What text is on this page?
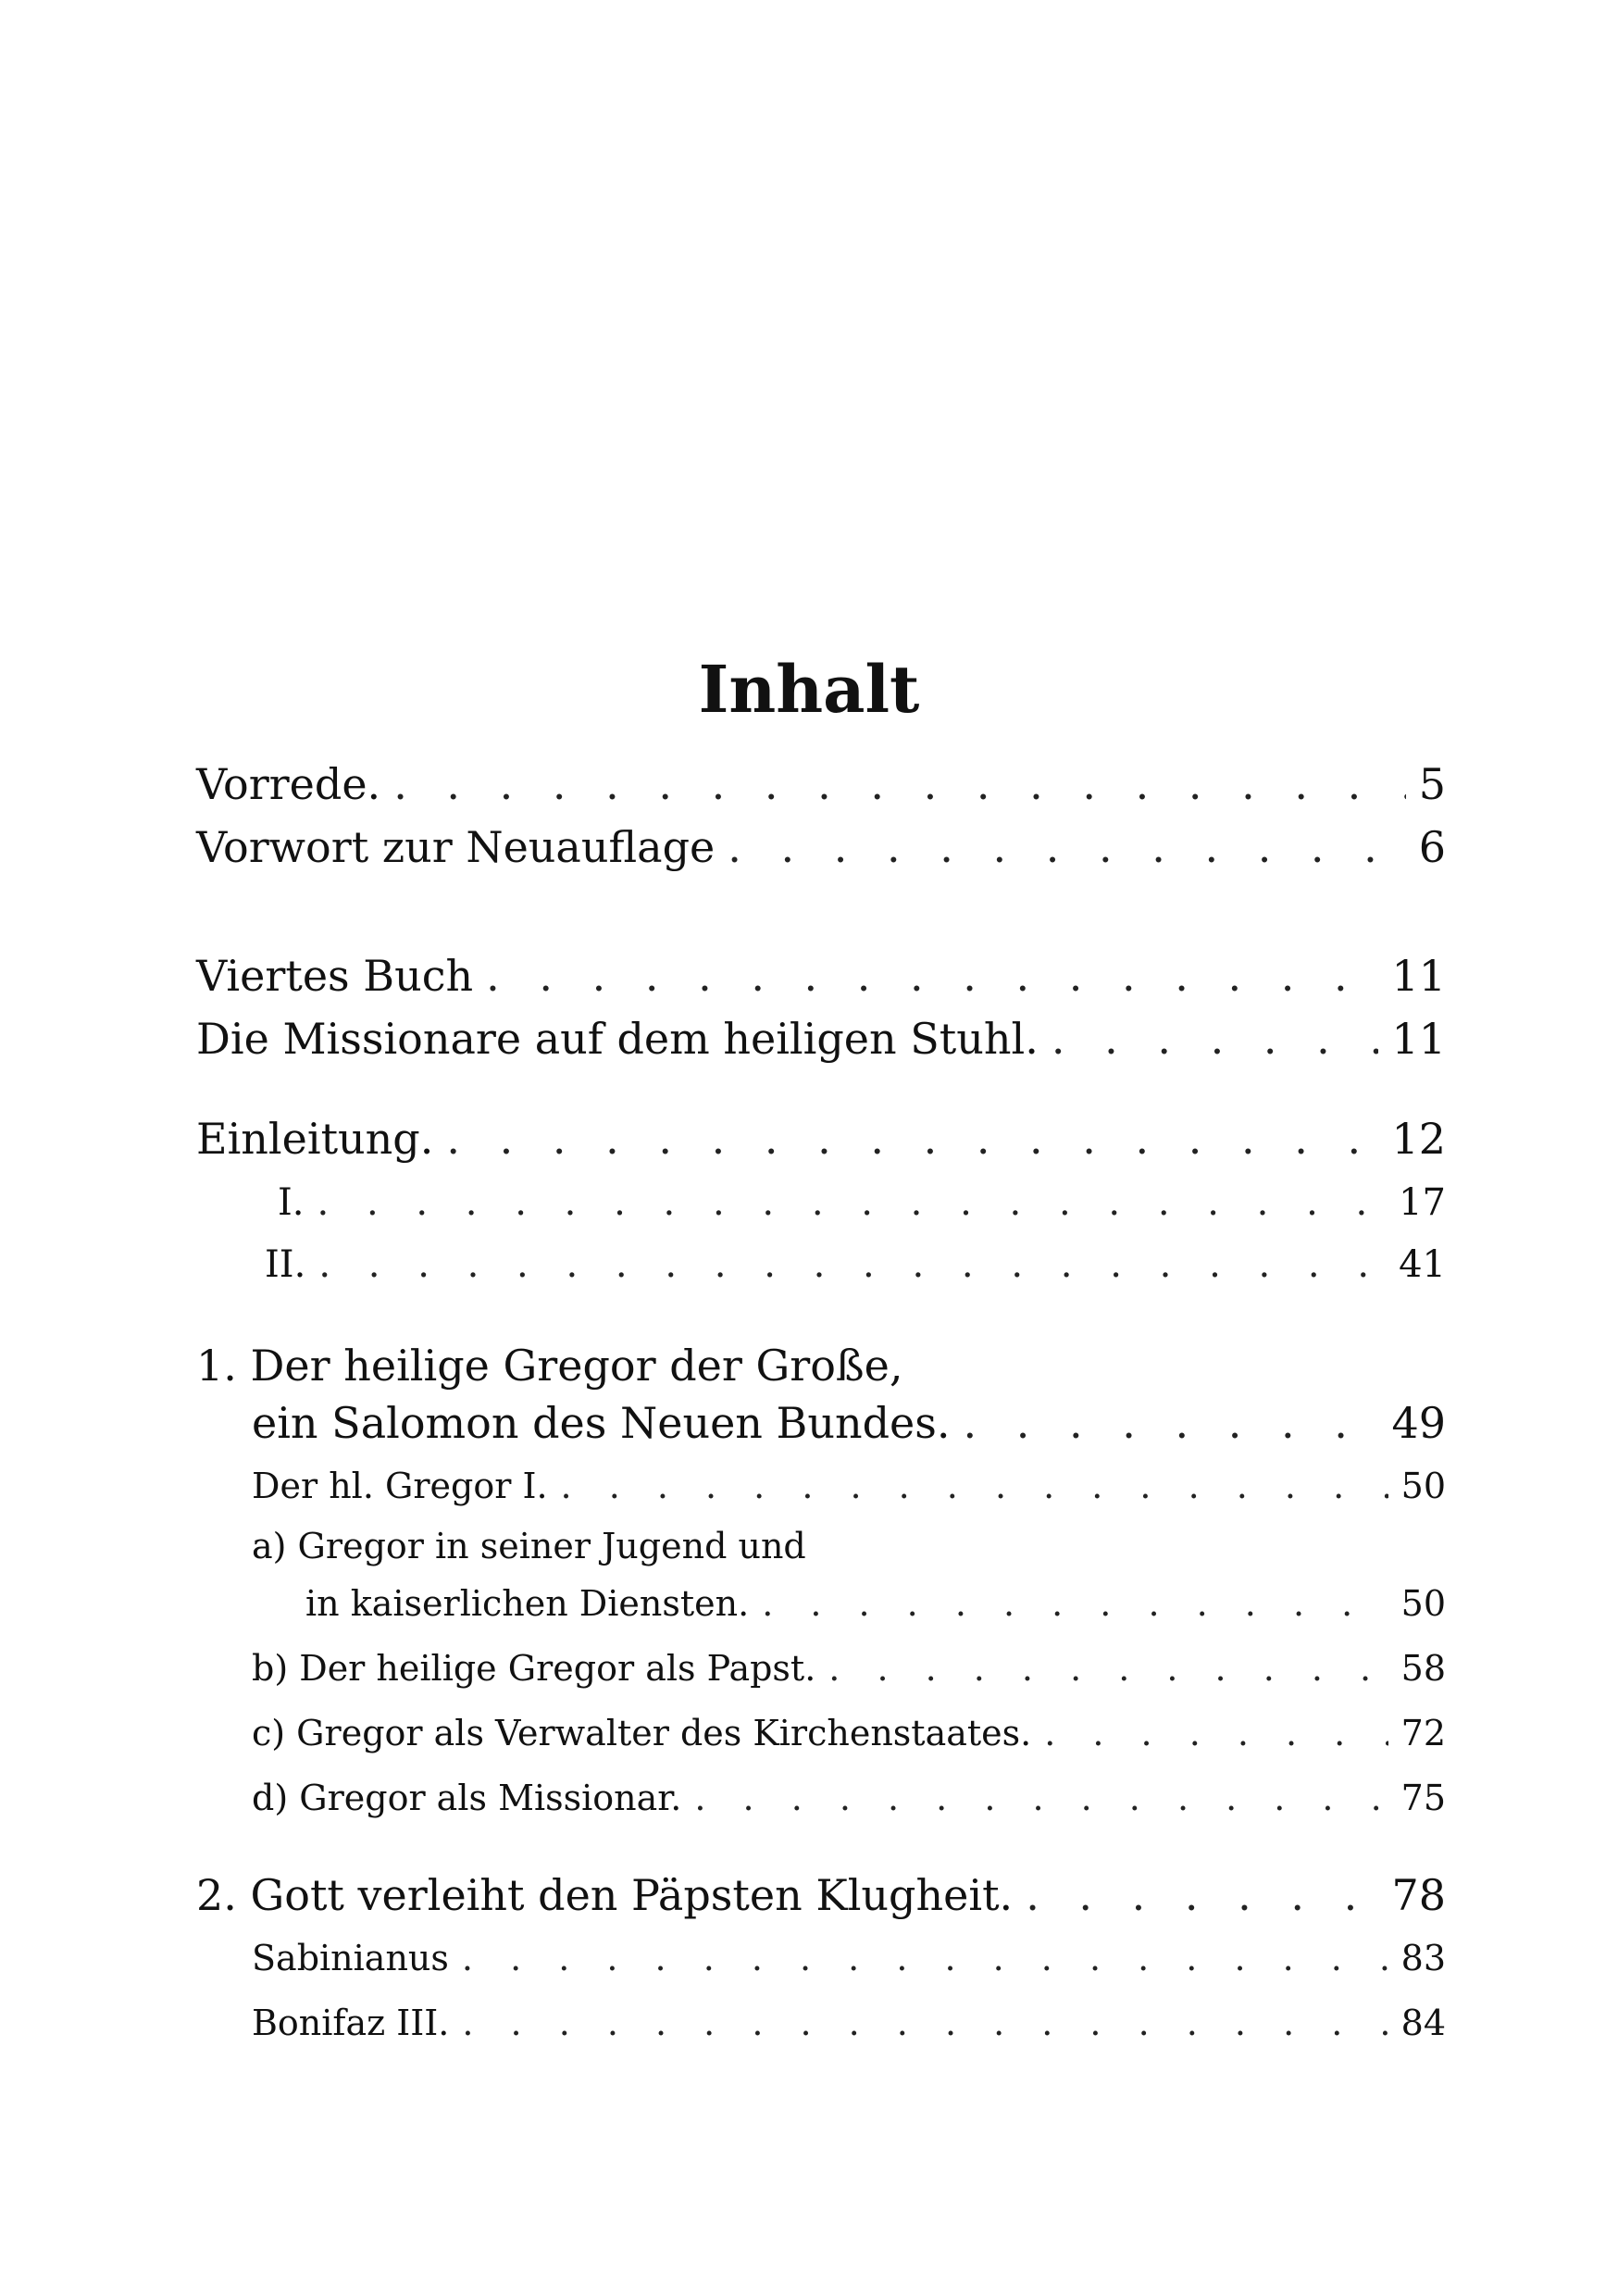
Inhalt
Vorrede. . . .	5
Vorwort zur Neuauflage . . .	6
Viertes Buch . . .	11
Die Missionare auf dem heiligen Stuhl. . . .	11
Einleitung. . . .	12
I. . . .	17
II. . . .	41
1. Der heilige Gregor der Große,
ein Salomon des Neuen Bundes. . . .	49
Der hl. Gregor I. . . .	50
a) Gregor in seiner Jugend und
in kaiserlichen Diensten. . . .	50
b) Der heilige Gregor als Papst. . . .	58
c) Gregor als Verwalter des Kirchenstaates. . . .	72
d) Gregor als Missionar. . . .	75
2. Gott verleiht den Päpsten Klugheit. . . .	78
Sabinianus . . .	83
Bonifaz III. . . .	84
